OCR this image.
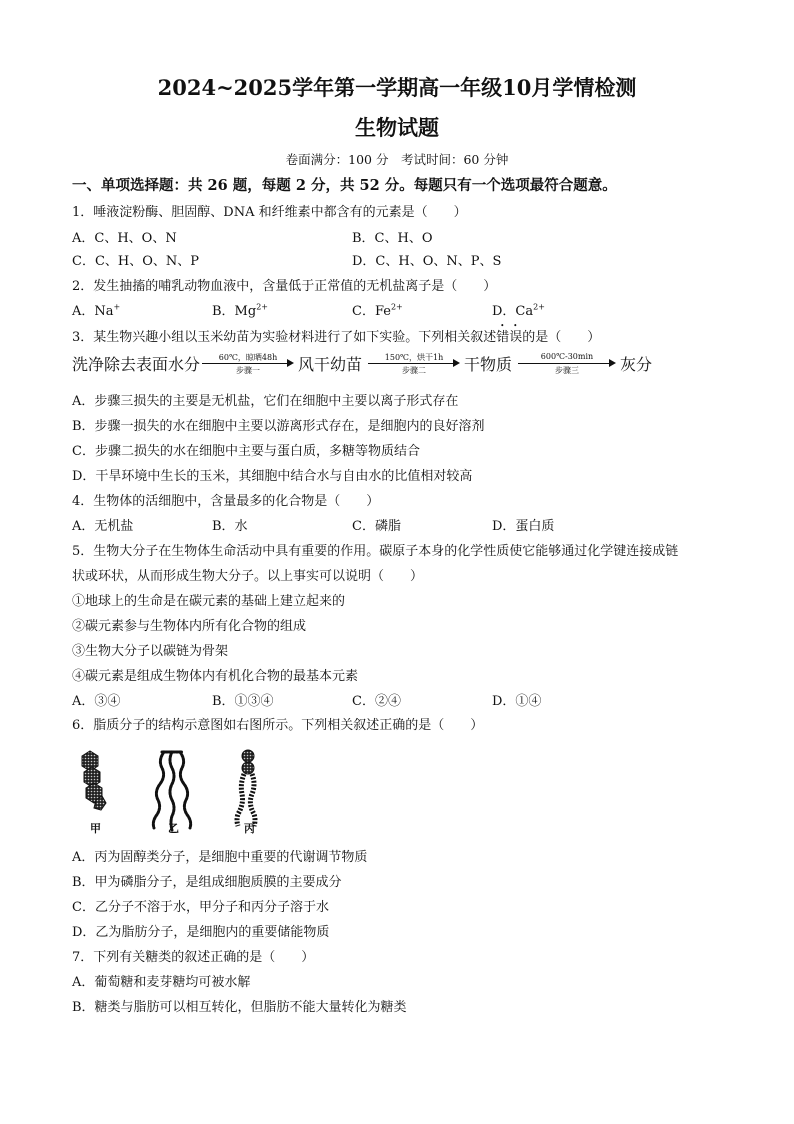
2024~2025学年第一学期高一年级10月学情检测
生物试题
卷面满分：100 分　考试时间：60 分钟
一、单项选择题：共 26 题，每题 2 分，共 52 分。每题只有一个选项最符合题意。
1．唾液淀粉酶、胆固醇、DNA 和纤维素中都含有的元素是（　　）
A．C、H、O、N	B．C、H、O
C．C、H、O、N、P	D．C、H、O、N、P、S
2．发生抽搐的哺乳动物血液中，含量低于正常值的无机盐离子是（　　）
A．Na+	B．$Mg^{2+}$	C．$Fe^{2+}$	D．$Ca^{2+}$
3．某生物兴趣小组以玉米幼苗为实验材料进行了如下实验。下列相关叙述错误的是（　　）
洗净除去表面水分	60℃，晾晒48h
步骤一	风干幼苗	150℃，烘干1h
步骤二	干物质	600℃-30min
步骤三	灰分
A．步骤三损失的主要是无机盐，它们在细胞中主要以离子形式存在
B．步骤一损失的水在细胞中主要以游离形式存在，是细胞内的良好溶剂
C．步骤二损失的水在细胞中主要与蛋白质，多糖等物质结合
D．干旱环境中生长的玉米，其细胞中结合水与自由水的比值相对较高
4．生物体的活细胞中，含量最多的化合物是（　　）
A．无机盐	B．水	C．磷脂	D．蛋白质
5．生物大分子在生物体生命活动中具有重要的作用。碳原子本身的化学性质使它能够通过化学键连接成链
状或环状，从而形成生物大分子。以上事实可以说明（　　）
①地球上的生命是在碳元素的基础上建立起来的
②碳元素参与生物体内所有化合物的组成
③生物大分子以碳链为骨架
④碳元素是组成生物体内有机化合物的最基本元素
A．③④	B．①③④	C．②④	D．①④
6．脂质分子的结构示意图如右图所示。下列相关叙述正确的是（　　）
甲	乙	丙
A．丙为固醇类分子，是细胞中重要的代谢调节物质
B．甲为磷脂分子，是组成细胞质膜的主要成分
C．乙分子不溶于水，甲分子和丙分子溶于水
D．乙为脂肪分子，是细胞内的重要储能物质
7．下列有关糖类的叙述正确的是（　　）
A．葡萄糖和麦芽糖均可被水解
B．糖类与脂肪可以相互转化，但脂肪不能大量转化为糖类
